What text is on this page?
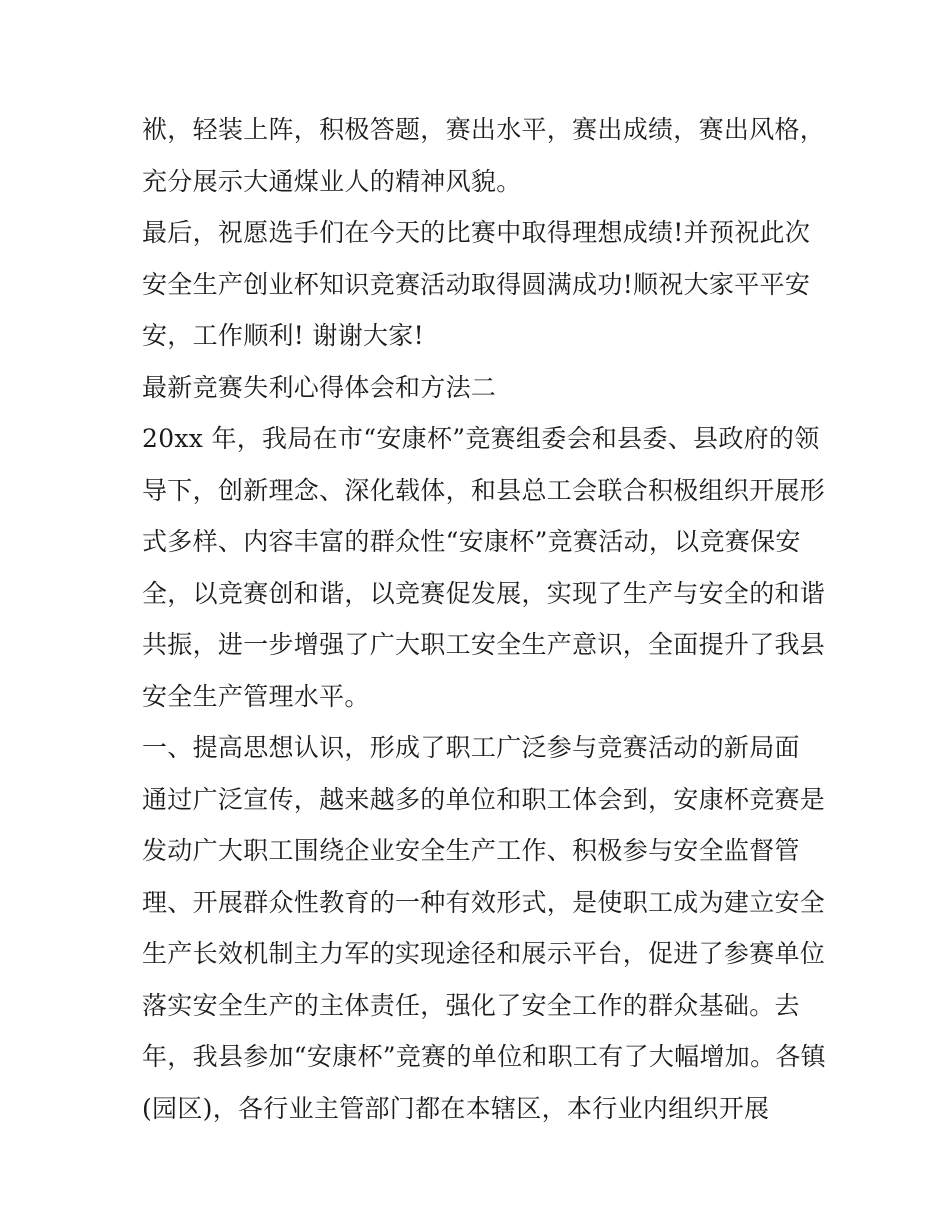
袱，轻装上阵，积极答题，赛出水平，赛出成绩，赛出风格，
充分展示大通煤业人的精神风貌。
最后，祝愿选手们在今天的比赛中取得理想成绩!并预祝此次
安全生产创业杯知识竞赛活动取得圆满成功!顺祝大家平平安
安，工作顺利! 谢谢大家!
最新竞赛失利心得体会和方法二
20xx 年，我局在市“安康杯”竞赛组委会和县委、县政府的领
导下，创新理念、深化载体，和县总工会联合积极组织开展形
式多样、内容丰富的群众性“安康杯”竞赛活动，以竞赛保安
全，以竞赛创和谐，以竞赛促发展，实现了生产与安全的和谐
共振，进一步增强了广大职工安全生产意识，全面提升了我县
安全生产管理水平。
一、提高思想认识，形成了职工广泛参与竞赛活动的新局面
通过广泛宣传，越来越多的单位和职工体会到，安康杯竞赛是
发动广大职工围绕企业安全生产工作、积极参与安全监督管
理、开展群众性教育的一种有效形式，是使职工成为建立安全
生产长效机制主力军的实现途径和展示平台，促进了参赛单位
落实安全生产的主体责任，强化了安全工作的群众基础。去
年，我县参加“安康杯”竞赛的单位和职工有了大幅增加。各镇
(园区)，各行业主管部门都在本辖区，本行业内组织开展
